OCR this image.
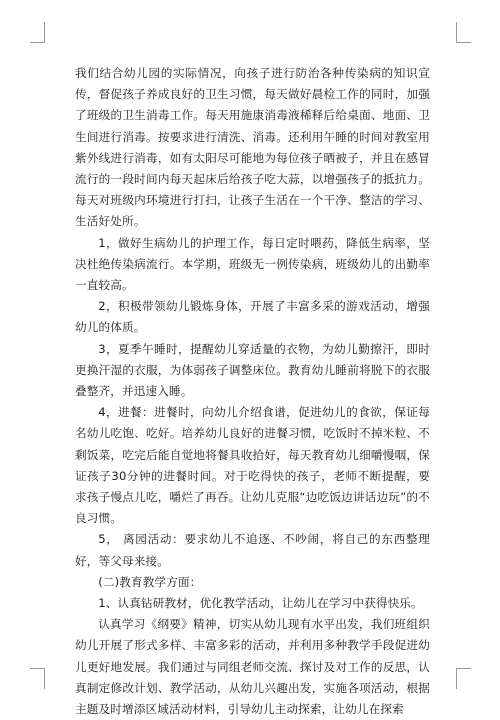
我们结合幼儿园的实际情况，向孩子进行防治各种传染病的知识宣传，督促孩子养成良好的卫生习惯，每天做好晨检工作的同时，加强了班级的卫生消毒工作。每天用施康消毒液稀释后给桌面、地面、卫生间进行消毒。按要求进行清洗、消毒。还利用午睡的时间对教室用紫外线进行消毒，如有太阳尽可能地为每位孩子晒被子，并且在感冒流行的一段时间内每天起床后给孩子吃大蒜，以增强孩子的抵抗力。每天对班级内环境进行打扫，让孩子生活在一个干净、整洁的学习、生活好处所。

1，做好生病幼儿的护理工作，每日定时喂药，降低生病率，坚决杜绝传染病流行。本学期，班级无一例传染病，班级幼儿的出勤率一直较高。

2，积极带领幼儿锻炼身体，开展了丰富多采的游戏活动，增强幼儿的体质。

3，夏季午睡时，提醒幼儿穿适量的衣物，为幼儿勤擦汗，即时更换汗湿的衣服，为体弱孩子调整床位。教育幼儿睡前将脱下的衣服叠整齐，并迅速入睡。

4，进餐：进餐时，向幼儿介绍食谱，促进幼儿的食欲，保证每名幼儿吃饱、吃好。培养幼儿良好的进餐习惯，吃饭时不掉米粒、不剩饭菜，吃完后能自觉地将餐具收拾好，每天教育幼儿细嚼慢咽，保证孩子30分钟的进餐时间。对于吃得快的孩子，老师不断提醒，要求孩子慢点儿吃，嚼烂了再吞。让幼儿克服“边吃饭边讲话边玩”的不良习惯。

5， 离园活动：要求幼儿不追逐、不吵闹，将自己的东西整理好，等父母来接。

(二)教育教学方面：

1、认真钻研教材，优化教学活动，让幼儿在学习中获得快乐。

认真学习《纲要》精神，切实从幼儿现有水平出发，我们班组织幼儿开展了形式多样、丰富多彩的活动，并利用多种教学手段促进幼儿更好地发展。我们通过与同组老师交流、探讨及对工作的反思，认真制定修改计划、教学活动，从幼儿兴趣出发，实施各项活动，根据主题及时增添区域活动材料，引导幼儿主动探索，让幼儿在探索
